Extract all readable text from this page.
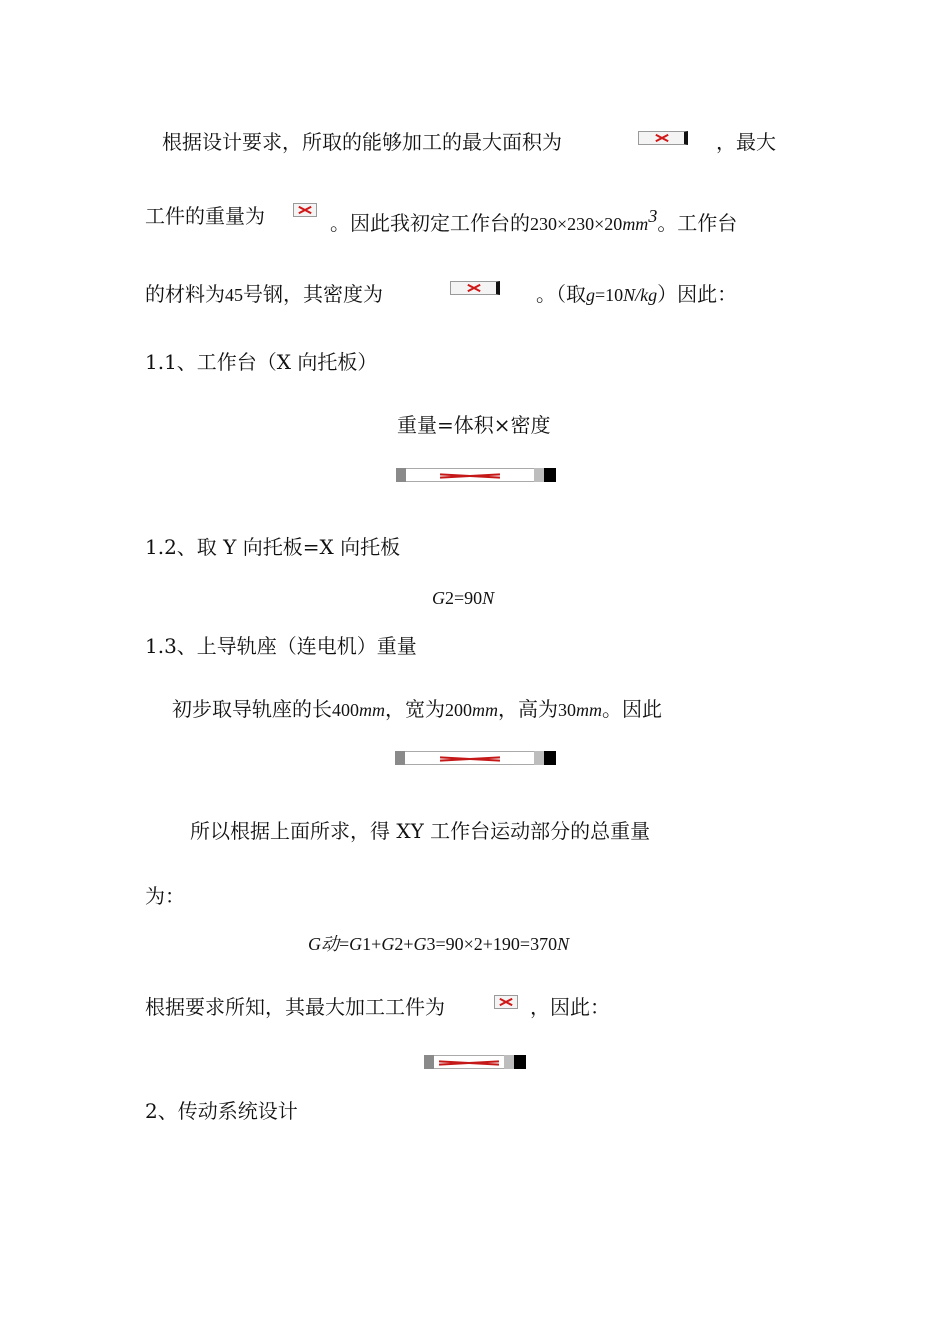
根据设计要求，所取的能够加工的最大面积为	，最大
工件的重量为	。因此我初定工作台的$230\times 230\times 20mm^3$。工作台
的材料为45号钢，其密度为	。（取g=10N/kg）因此：
1.1、工作台（X 向托板）
重量=体积×密度
1.2、取 Y 向托板=X 向托板
G2=90N
1.3、上导轨座（连电机）重量
初步取导轨座的长400mm，宽为200mm，高为30mm。因此
所以根据上面所求，得 XY 工作台运动部分的总重量
为：
G动=G1+G2+G3=90×2+190=370N
根据要求所知，其最大加工工件为	，因此：
2、传动系统设计
